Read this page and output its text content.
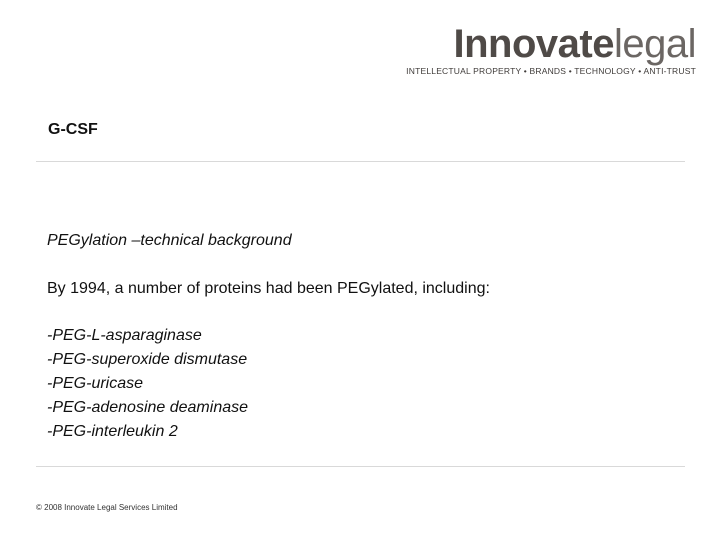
Innovatelegal
INTELLECTUAL PROPERTY • BRANDS • TECHNOLOGY • ANTI-TRUST
G-CSF
PEGylation –technical background
By 1994, a number of proteins had been PEGylated, including:
-PEG-L-asparaginase
-PEG-superoxide dismutase
-PEG-uricase
-PEG-adenosine deaminase
-PEG-interleukin 2
© 2008 Innovate Legal Services Limited
